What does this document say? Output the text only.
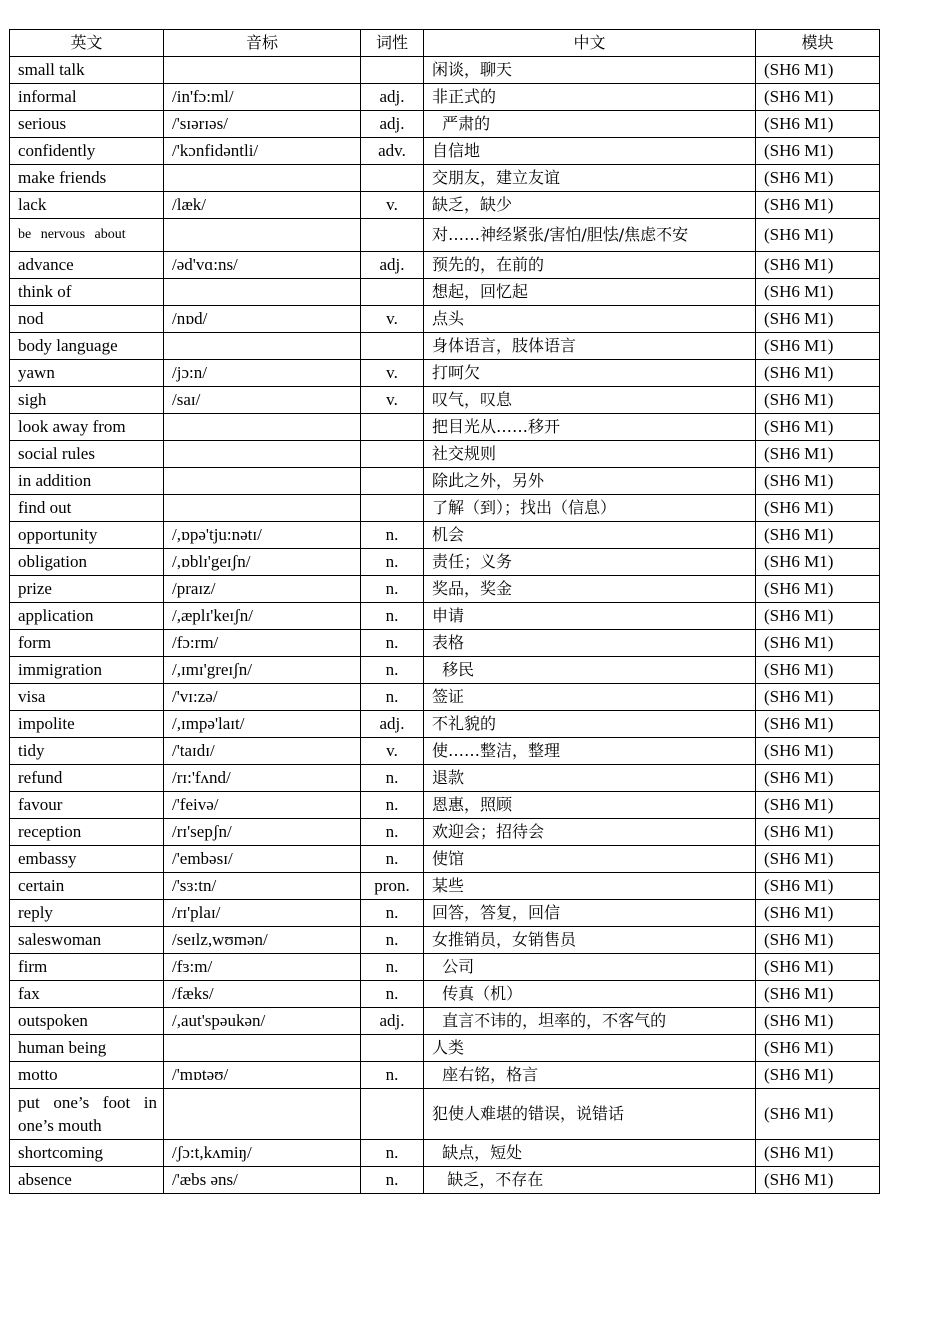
英文	音标	词性	中文	模块
small talk			闲谈，聊天	(SH6 M1)
informal	/in'fɔ:ml/	adj.	非正式的	(SH6 M1)
serious	/'sɪərɪəs/	adj.	严肃的	(SH6 M1)
confidently	/'kɔnfidəntli/	adv.	自信地	(SH6 M1)
make friends			交朋友，建立友谊	(SH6 M1)
lack	/læk/	v.	缺乏，缺少	(SH6 M1)
be nervous about			对……神经紧张/害怕/胆怯/焦虑不安	(SH6 M1)
advance	/əd'vɑ:ns/	adj.	预先的，在前的	(SH6 M1)
think of			想起，回忆起	(SH6 M1)
nod	/nɒd/	v.	点头	(SH6 M1)
body language			身体语言，肢体语言	(SH6 M1)
yawn	/jɔ:n/	v.	打呵欠	(SH6 M1)
sigh	/saɪ/	v.	叹气，叹息	(SH6 M1)
look away from			把目光从……移开	(SH6 M1)
social rules			社交规则	(SH6 M1)
in addition			除此之外，另外	(SH6 M1)
find out			了解（到）；找出（信息）	(SH6 M1)
opportunity	/,ɒpə'tju:nətɪ/	n.	机会	(SH6 M1)
obligation	/,ɒblɪ'geɪʃn/	n.	责任；义务	(SH6 M1)
prize	/praɪz/	n.	奖品，奖金	(SH6 M1)
application	/,æplɪ'keɪʃn/	n.	申请	(SH6 M1)
form	/fɔ:rm/	n.	表格	(SH6 M1)
immigration	/,ɪmɪ'greɪʃn/	n.	移民	(SH6 M1)
visa	/'vɪ:zə/	n.	签证	(SH6 M1)
impolite	/,ɪmpə'laɪt/	adj.	不礼貌的	(SH6 M1)
tidy	/'taɪdɪ/	v.	使……整洁，整理	(SH6 M1)
refund	/rɪ:'fʌnd/	n.	退款	(SH6 M1)
favour	/'feivə/	n.	恩惠，照顾	(SH6 M1)
reception	/rɪ'sepʃn/	n.	欢迎会；招待会	(SH6 M1)
embassy	/'embəsɪ/	n.	使馆	(SH6 M1)
certain	/'sɜ:tn/	pron.	某些	(SH6 M1)
reply	/rɪ'plaɪ/	n.	回答，答复，回信	(SH6 M1)
saleswoman	/seɪlz,wʊmən/	n.	女推销员，女销售员	(SH6 M1)
firm	/fɜ:m/	n.	公司	(SH6 M1)
fax	/fæks/	n.	传真（机）	(SH6 M1)
outspoken	/,aut'spəukən/	adj.	直言不讳的，坦率的，不客气的	(SH6 M1)
human being			人类	(SH6 M1)
motto	/'mɒtəʊ/	n.	座右铭，格言	(SH6 M1)
put one’s foot in one’s mouth			犯使人难堪的错误，说错话	(SH6 M1)
shortcoming	/ʃɔ:t,kʌmiŋ/	n.	缺点，短处	(SH6 M1)
absence	/'æbs əns/	n.	缺乏，不存在	(SH6 M1)
